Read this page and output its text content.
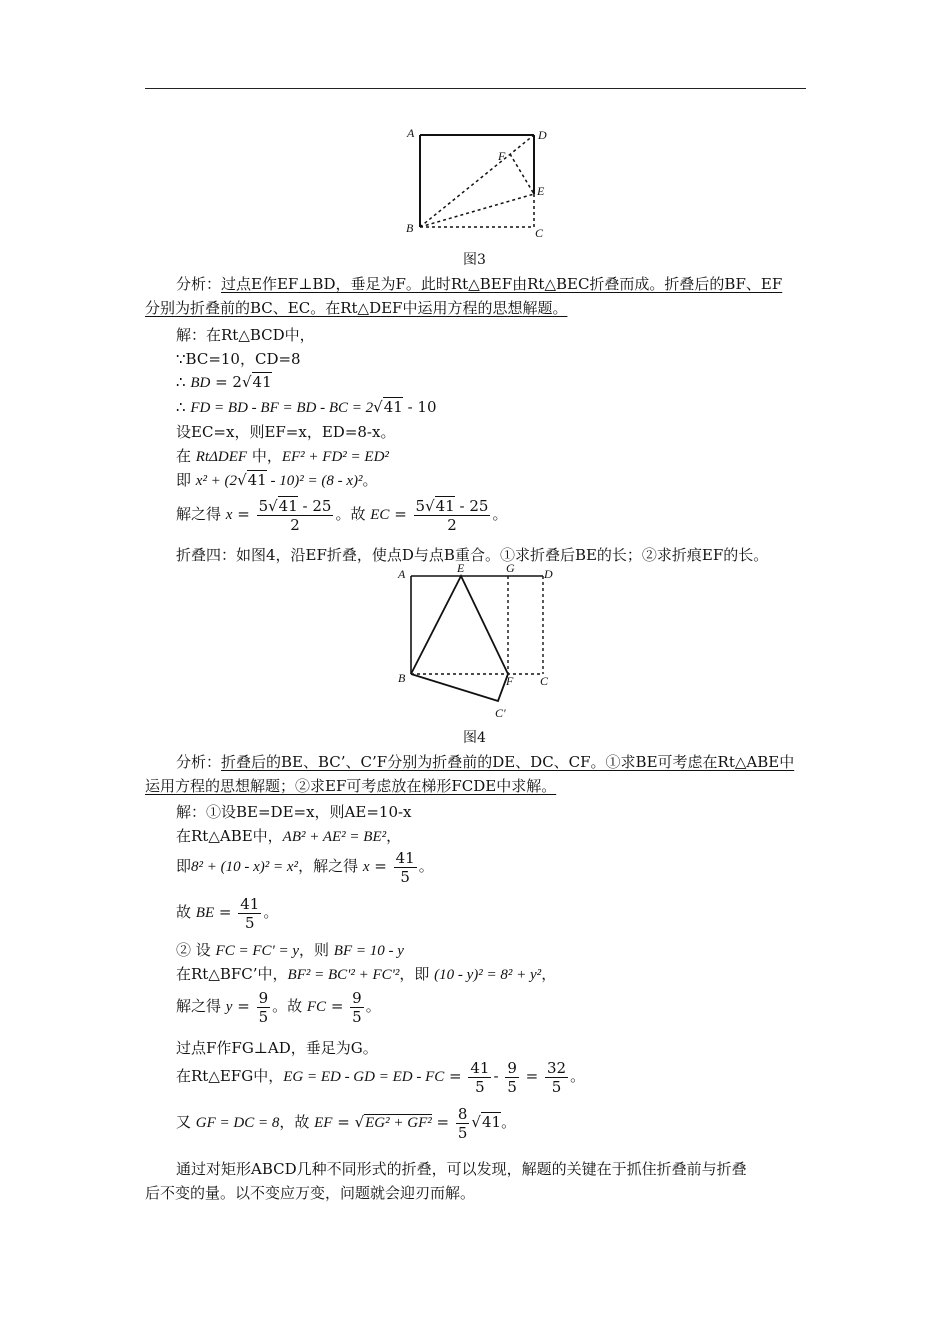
A	D
F
E
B	C
图3
分析：过点E作EF⊥BD，垂足为F。此时Rt△BEF由Rt△BEC折叠而成。折叠后的BF、EF
分别为折叠前的BC、EC。在Rt△DEF中运用方程的思想解题。
解：在Rt△BCD中，
∵BC=10，CD=8
∴ BD = 2√41
∴ FD = BD - BF = BD - BC = 2√41 - 10
设EC=x，则EF=x，ED=8-x。
在 RtΔDEF 中，EF² + FD² = ED²
即 x² + (2√41 - 10)² = (8 - x)²。
解之得 $x = \frac{5√41 - 25}{2}$ 。故 EC = $\frac{5√41 - 25}{2}$ 。
折叠四：如图4，沿EF折叠，使点D与点B重合。①求折叠后BE的长；②求折痕EF的长。
A	E	G D
B	F C
C'
图4
分析：折叠后的BE、BC’、C’F分别为折叠前的DE、DC、CF。①求BE可考虑在Rt△ABE中
运用方程的思想解题；②求EF可考虑放在梯形FCDE中求解。
解：①设BE=DE=x，则AE=10-x
在Rt△ABE中，AB² + AE² = BE²，
即8² + (10 - x)² = x²，解之得 $x = \frac{41}{5}$ 。
故 BE = $\frac{41}{5}$ 。
② 设 FC = FC' = y，则 BF = 10 - y
在Rt△BFC’中，BF² = BC'² + FC'²，即 (10 - y)² = 8² + y²，
解之得 $y = \frac{9}{5}$ 。故 FC = $\frac{9}{5}$ 。
过点F作FG⊥AD，垂足为G。
在Rt△EFG中，EG = ED - GD = ED - FC = $\frac{41}{5} - \frac{9}{5} = \frac{32}{5}$ 。
又 GF = DC = 8，故 EF = $√EG^2 + GF^2 = \frac{8}{5} √41$。
通过对矩形ABCD几种不同形式的折叠，可以发现，解题的关键在于抓住折叠前与折叠
后不变的量。以不变应万变，问题就会迎刃而解。
